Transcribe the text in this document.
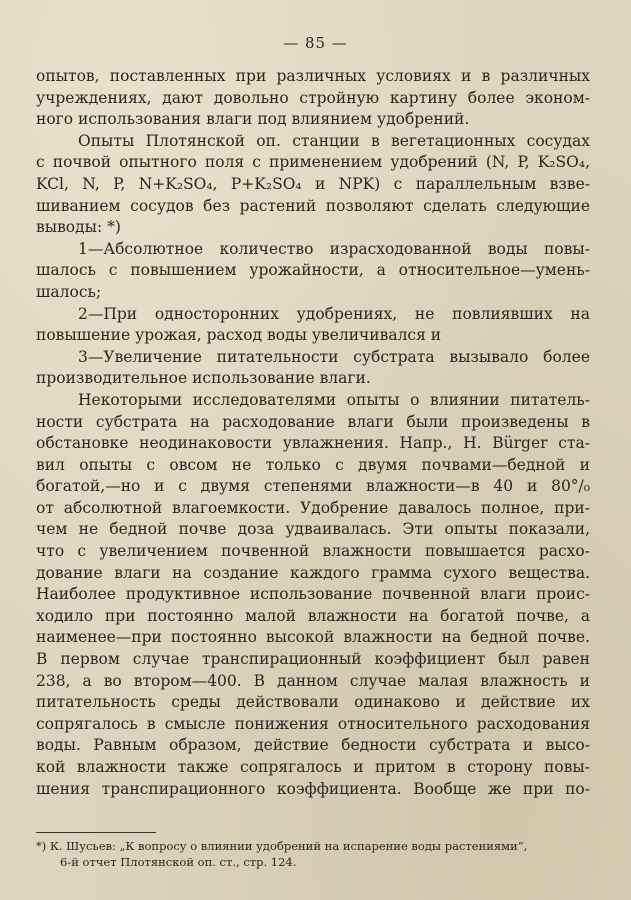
— 85 —
опытов, поставленных при различных условиях и в различных
учреждениях, дают довольно стройную картину более эконом-
ного использования влаги под влиянием удобрений.
Опыты Плотянской оп. станции в вегетационных сосудах
с почвой опытного поля с применением удобрений (N, P, K₂SO₄,
KCl, N, P, N+K₂SO₄, P+K₂SO₄ и NPK) с параллельным взве-
шиванием сосудов без растений позволяют сделать следующие
выводы: *)
1—Абсолютное количество израсходованной воды повы-
шалось с повышением урожайности, а относительное—умень-
шалось;
2—При односторонних удобрениях, не повлиявших на
повышение урожая, расход воды увеличивался и
3—Увеличение питательности субстрата вызывало более
производительное использование влаги.
Некоторыми исследователями опыты о влиянии питатель-
ности субстрата на расходование влаги были произведены в
обстановке неодинаковости увлажнения. Напр., H. Bürger ста-
вил опыты с овсом не только с двумя почвами—бедной и
богатой,—но и с двумя степенями влажности—в 40 и 80°/₀
от абсолютной влагоемкости. Удобрение давалось полное, при-
чем не бедной почве доза удваивалась. Эти опыты показали,
что с увеличением почвенной влажности повышается расхо-
дование влаги на создание каждого грамма сухого вещества.
Наиболее продуктивное использование почвенной влаги проис-
ходило при постоянно малой влажности на богатой почве, а
наименее—при постоянно высокой влажности на бедной почве.
В первом случае транспирационный коэффициент был равен
238, а во втором—400. В данном случае малая влажность и
питательность среды действовали одинаково и действие их
сопрягалось в смысле понижения относительного расходования
воды. Равным образом, действие бедности субстрата и высо-
кой влажности также сопрягалось и притом в сторону повы-
шения транспирационного коэффициента. Вообще же при по-
*) К. Шусьев: „К вопросу о влиянии удобрений на испарение воды растениями“,
6-й отчет Плотянской оп. ст., стр. 124.
